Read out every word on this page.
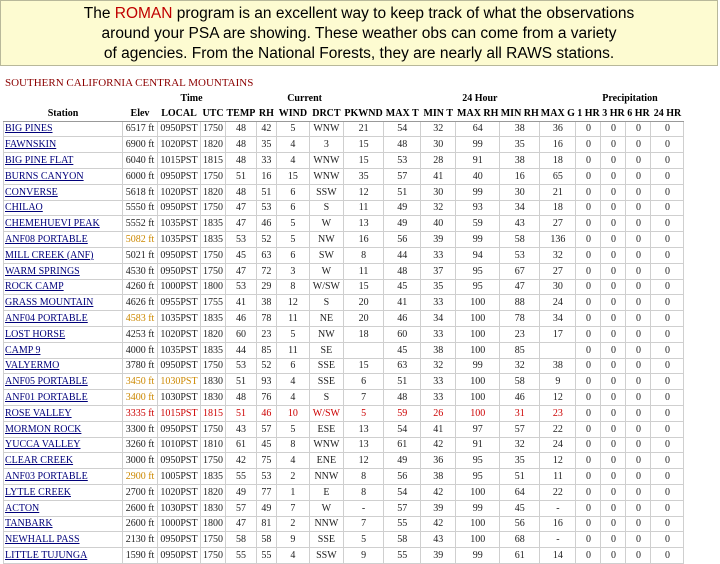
The ROMAN program is an excellent way to keep track of what the observations
around your PSA are showing. These weather obs can come from a variety
of agencies. From the National Forests, they are nearly all RAWS stations.
SOUTHERN CALIFORNIA CENTRAL MOUNTAINS
		Time		Current					24 Hour					Precipitation			
Station	Elev	LOCAL	UTC	TEMP	RH	WIND	DRCT	PKWND	MAX T	MIN T	MAX RH	MIN RH	MAX G	1 HR	3 HR	6 HR	24 HR
BIG PINES	6517 ft	0950PST	1750	48	42	5	WNW	21	54	32	64	38	36	0	0	0	0
FAWNSKIN	6900 ft	1020PST	1820	48	35	4	3	15	48	30	99	35	16	0	0	0	0
BIG PINE FLAT	6040 ft	1015PST	1815	48	33	4	WNW	15	53	28	91	38	18	0	0	0	0
BURNS CANYON	6000 ft	0950PST	1750	51	16	15	WNW	35	57	41	40	16	65	0	0	0	0
CONVERSE	5618 ft	1020PST	1820	48	51	6	SSW	12	51	30	99	30	21	0	0	0	0
CHILAO	5550 ft	0950PST	1750	47	53	6	S	11	49	32	93	34	18	0	0	0	0
CHEMEHUEVI PEAK	5552 ft	1035PST	1835	47	46	5	W	13	49	40	59	43	27	0	0	0	0
ANF08 PORTABLE	5082 ft	1035PST	1835	53	52	5	NW	16	56	39	99	58	136	0	0	0	0
MILL CREEK (ANF)	5021 ft	0950PST	1750	45	63	6	SW	8	44	33	94	53	32	0	0	0	0
WARM SPRINGS	4530 ft	0950PST	1750	47	72	3	W	11	48	37	95	67	27	0	0	0	0
ROCK CAMP	4260 ft	1000PST	1800	53	29	8	W/SW	15	45	35	95	47	30	0	0	0	0
GRASS MOUNTAIN	4626 ft	0955PST	1755	41	38	12	S	20	41	33	100	88	24	0	0	0	0
ANF04 PORTABLE	4583 ft	1035PST	1835	46	78	11	NE	20	46	34	100	78	34	0	0	0	0
LOST HORSE	4253 ft	1020PST	1820	60	23	5	NW	18	60	33	100	23	17	0	0	0	0
CAMP 9	4000 ft	1035PST	1835	44	85	11	SE		45	38	100	85		0	0	0	0
VALYERMO	3780 ft	0950PST	1750	53	52	6	SSE	15	63	32	99	32	38	0	0	0	0
ANF05 PORTABLE	3450 ft	1030PST	1830	51	93	4	SSE	6	51	33	100	58	9	0	0	0	0
ANF01 PORTABLE	3400 ft	1030PST	1830	48	76	4	S	7	48	33	100	46	12	0	0	0	0
ROSE VALLEY	3335 ft	1015PST	1815	51	46	10	W/SW	5	59	26	100	31	23	0	0	0	0
MORMON ROCK	3300 ft	0950PST	1750	43	57	5	ESE	13	54	41	97	57	22	0	0	0	0
YUCCA VALLEY	3260 ft	1010PST	1810	61	45	8	WNW	13	61	42	91	32	24	0	0	0	0
CLEAR CREEK	3000 ft	0950PST	1750	42	75	4	ENE	12	49	36	95	35	12	0	0	0	0
ANF03 PORTABLE	2900 ft	1005PST	1835	55	53	2	NNW	8	56	38	95	51	11	0	0	0	0
LYTLE CREEK	2700 ft	1020PST	1820	49	77	1	E	8	54	42	100	64	22	0	0	0	0
ACTON	2600 ft	1030PST	1830	57	49	7	W	-	57	39	99	45	-	0	0	0	0
TANBARK	2600 ft	1000PST	1800	47	81	2	NNW	7	55	42	100	56	16	0	0	0	0
NEWHALL PASS	2130 ft	0950PST	1750	58	58	9	SSE	5	58	43	100	68	-	0	0	0	0
LITTLE TUJUNGA	1590 ft	0950PST	1750	55	55	4	SSW	9	55	39	99	61	14	0	0	0	0
